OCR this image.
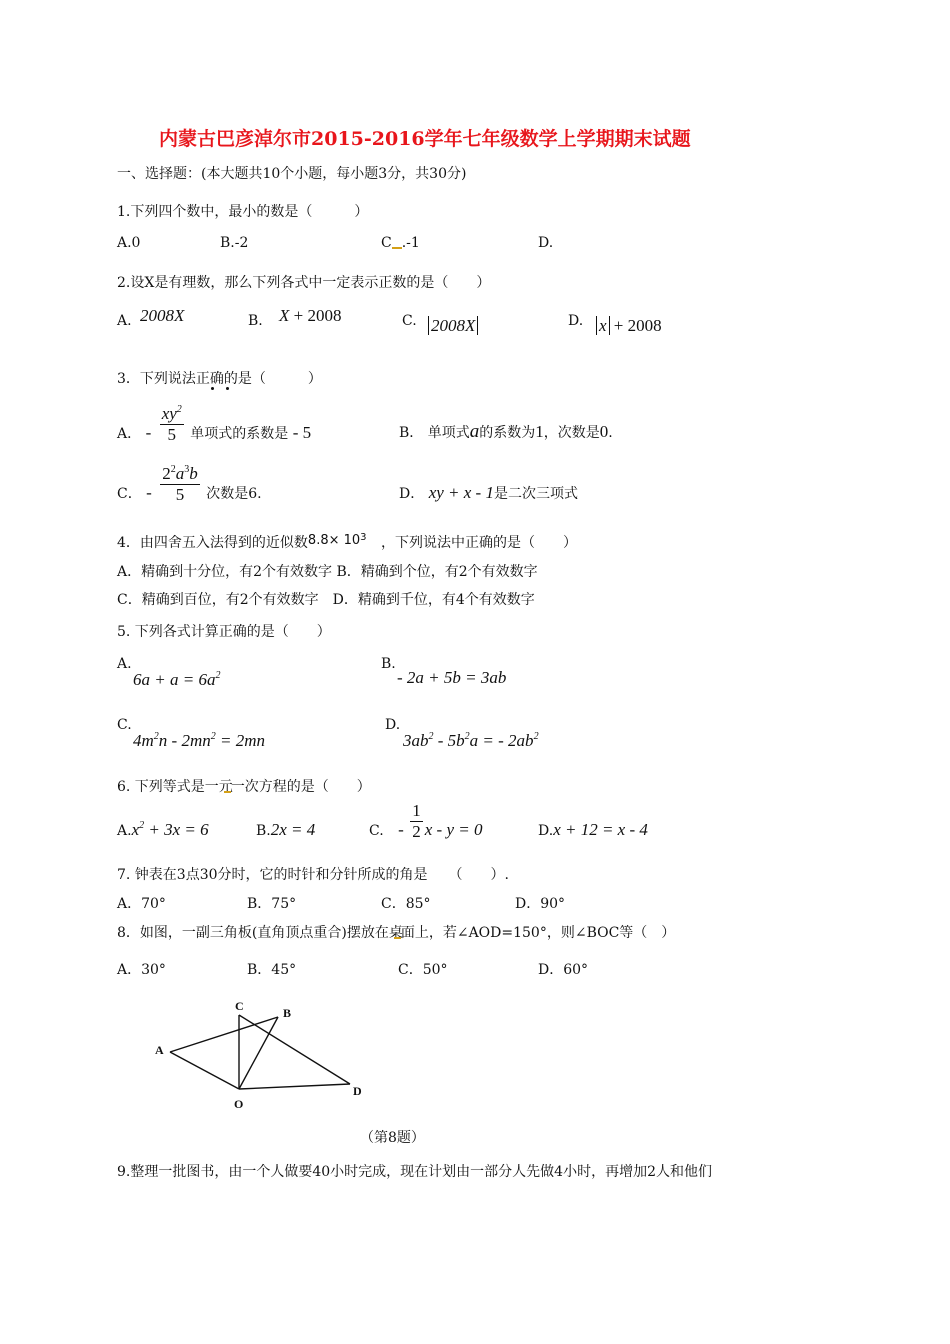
内蒙古巴彦淖尔市2015-2016学年七年级数学上学期期末试题
一、选择题：(本大题共10个小题，每小题3分，共30分)
1.下列四个数中，最小的数是（　　　）
A.0	B.-2	C .-1	D.
2.设X是有理数，那么下列各式中一定表示正数的是（　　）
A. 2008X	B. X + 2008	C. 2008X	D. x + 2008
3．下列说法正确的是（　　　）
A． - $\frac{xy^2}{5}$ 单项式的系数是 - 5	B． 单项式a的系数为1，次数是0.
C． - $\frac{2^2a^3b}{5}$ 次数是6.	D． xy + x - 1是二次三项式
4．由四舍五入法得到的近似数$8.8\times 10^3$ ，下列说法中正确的是（　　）
A．精确到十分位，有2个有效数字 B．精确到个位，有2个有效数字
C．精确到百位，有2个有效数字　D．精确到千位，有4个有效数字
5. 下列各式计算正确的是（　　）
A.
$6a + a = 6a^2$
B.
- 2a + 5b = 3ab
C.
$4m^2n - 2mn^2 = 2mn$
D.
$3ab^2 - 5b^2a$ = - $2ab^2$
6. 下列等式是一元一次方程的是（　　）
$A.x^2 + 3x = 6$	B.2x = 4	C. - $\frac{1}{2}$ x - y = 0	D.x + 12 = x - 4
7. 钟表在3点30分时，它的时针和分针所成的角是　　（　　）.
A．70°	B．75°	C．85°	D．90°
8．如图，一副三角板(直角顶点重合)摆放在桌面上，若∠AOD=150°，则∠BOC等（　）
A．30°	B．45°	C．50°	D．60°
A
C	B
D
O
（第8题）
9.整理一批图书，由一个人做要40小时完成，现在计划由一部分人先做4小时，再增加2人和他们
